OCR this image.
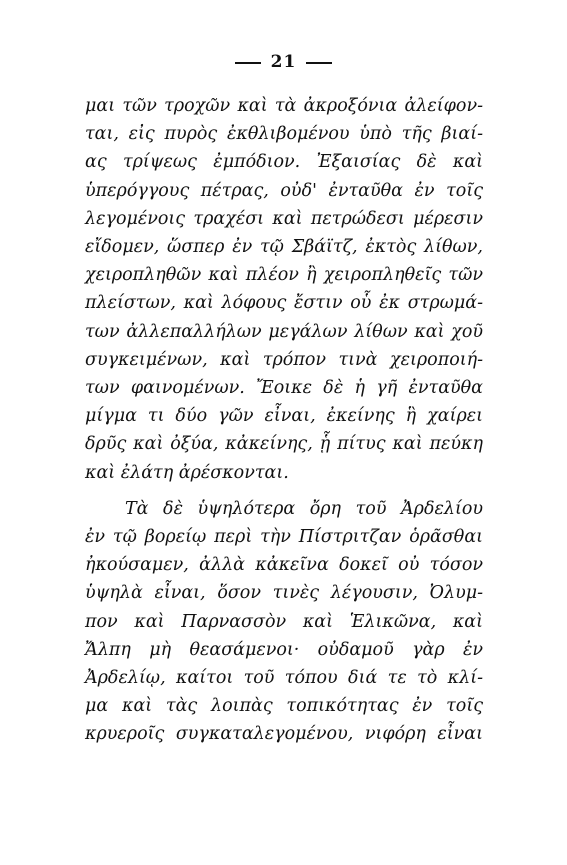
21
μαι τῶν τροχῶν καὶ τὰ ἀκροξόνια ἀλείφον-
ται, εἰς πυρὸς ἐκθλιβομένου ὑπὸ τῆς βιαί-
ας τρίψεως ἐμπόδιον. Ἐξαισίας δὲ καὶ
ὑπερόγγους πέτρας, οὐδ' ἐνταῦθα ἐν τοῖς
λεγομένοις τραχέσι καὶ πετρώδεσι μέρεσιν
εἴδομεν, ὥσπερ ἐν τῷ Σβάϊτζ, ἐκτὸς λίθων,
χειροπληθῶν καὶ πλέον ἢ χειροπληθεῖς τῶν
πλείστων, καὶ λόφους ἔστιν οὗ ἐκ στρωμά-
των ἀλλεπαλλήλων μεγάλων λίθων καὶ χοῦ
συγκειμένων, καὶ τρόπον τινὰ χειροποιή-
των φαινομένων. Ἔοικε δὲ ἡ γῆ ἐνταῦθα
μίγμα τι δύο γῶν εἶναι, ἐκείνης ἣ χαίρει
δρῦς καὶ ὀξύα, κἀκείνης, ᾗ πίτυς καὶ πεύκη
καὶ ἐλάτη ἀρέσκονται.
Τὰ δὲ ὑψηλότερα ὄρη τοῦ Ἀρδελίου
ἐν τῷ βορείῳ περὶ τὴν Πίστριτζαν ὁρᾶσθαι
ἠκούσαμεν, ἀλλὰ κἀκεῖνα δοκεῖ οὐ τόσον
ὑψηλὰ εἶναι, ὅσον τινὲς λέγουσιν, Ὀλυμ-
πον καὶ Παρνασσὸν καὶ Ἑλικῶνα, καὶ
Ἄλπη μὴ θεασάμενοι· οὐδαμοῦ γὰρ ἐν
Ἀρδελίῳ, καίτοι τοῦ τόπου διά τε τὸ κλί-
μα καὶ τὰς λοιπὰς τοπικότητας ἐν τοῖς
κρυεροῖς συγκαταλεγομένου, νιφόρη εἶναι
